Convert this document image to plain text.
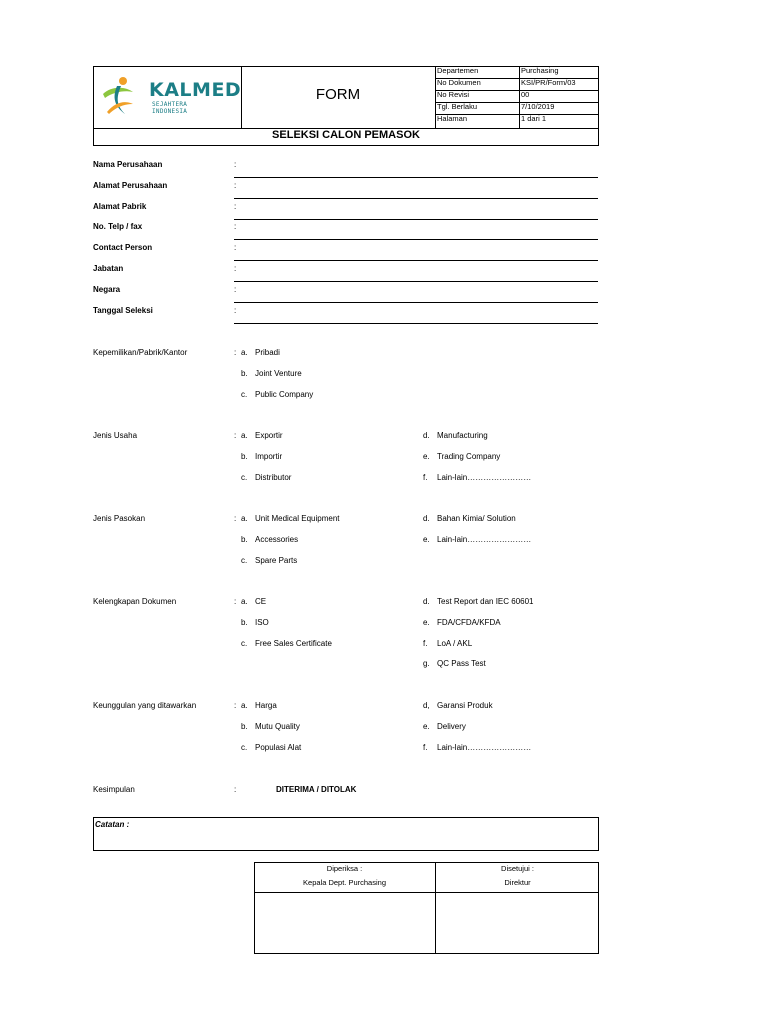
KALMED
SEJAHTERA INDONESIA
FORM
Departemen	Purchasing
No Dokumen	KSI/PR/Form/03
No Revisi	00
Tgl. Berlaku	7/10/2019
Halaman	1 dari 1
SELEKSI CALON PEMASOK
Nama Perusahaan	:
Alamat Perusahaan	:
Alamat Pabrik	:
No. Telp / fax	:
Contact Person	:
Jabatan	:
Negara	:
Tanggal Seleksi	:
Kepemilikan/Pabrik/Kantor	: a. Pribadi
b. Joint Venture
c. Public Company
Jenis Usaha	: a. Exportir
b. Importir
c. Distributor
d. Manufacturing
e. Trading Company
f. Lain-lain……………………
Jenis Pasokan	: a. Unit Medical Equipment
b. Accessories
c. Spare Parts
d. Bahan Kimia/ Solution
e. Lain-lain……………………
Kelengkapan Dokumen	: a. CE
b. ISO
c. Free Sales Certificate
d. Test Report dan IEC 60601
e. FDA/CFDA/KFDA
f. LoA / AKL
g. QC Pass Test
Keunggulan yang ditawarkan	: a. Harga
b. Mutu Quality
c. Populasi Alat
d, Garansi Produk
e. Delivery
f. Lain-lain……………………
Kesimpulan	:	DITERIMA / DITOLAK
Catatan :
Diperiksa :
Kepala Dept. Purchasing
Disetujui :
Direktur
